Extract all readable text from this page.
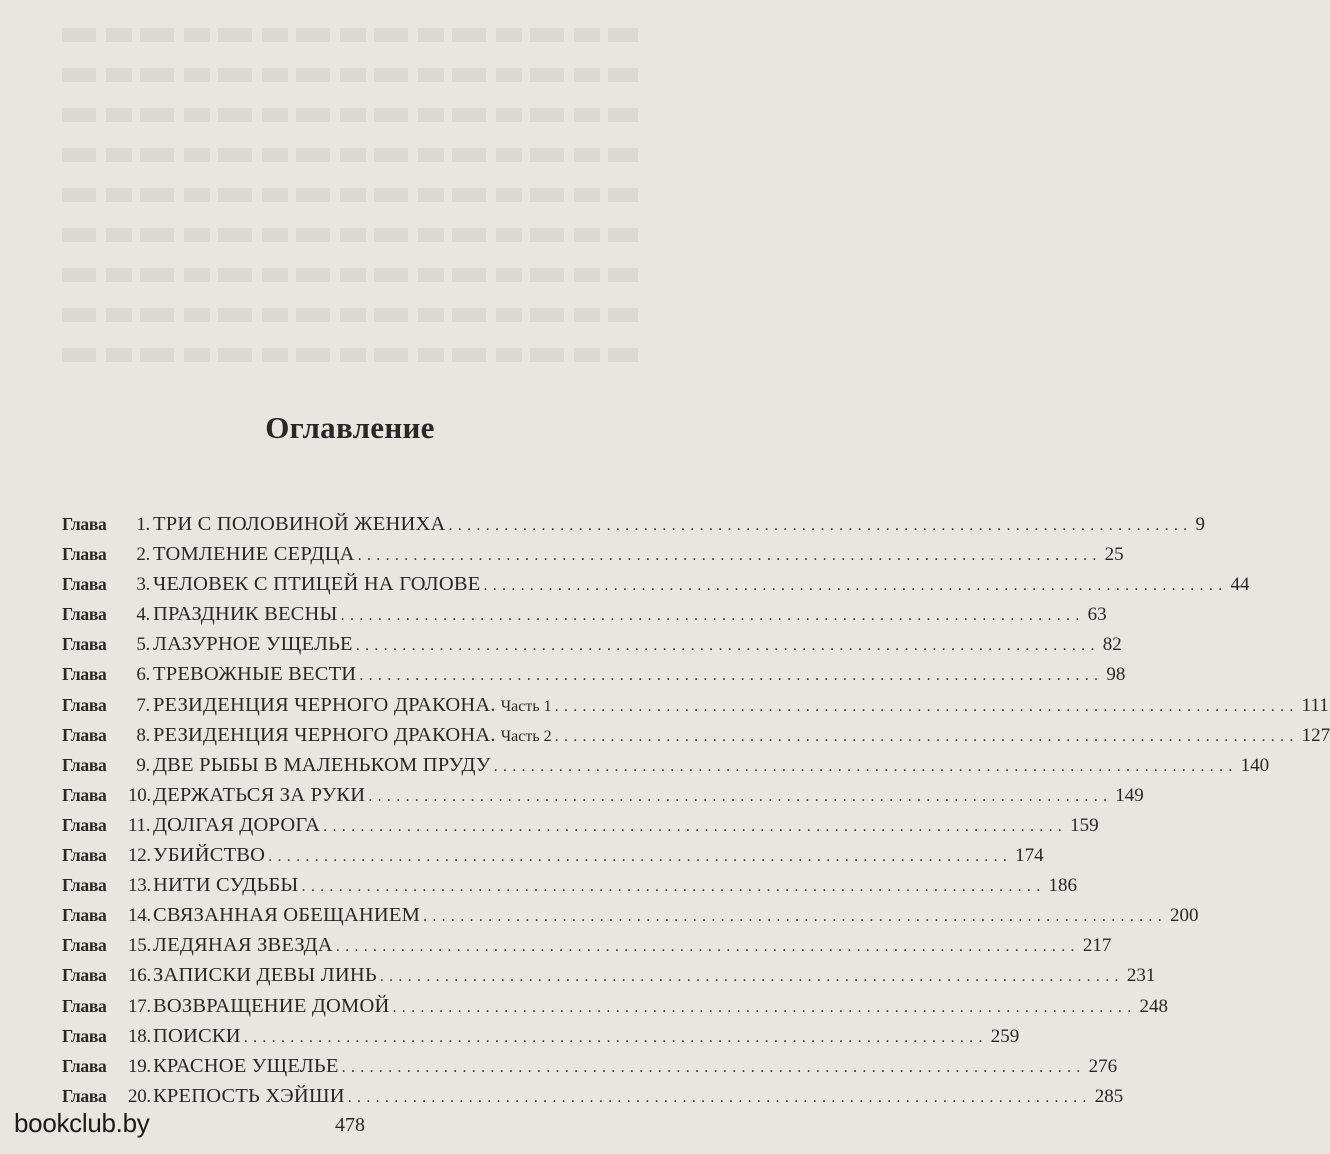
Оглавление
Глава	1 . ТРИ С ПОЛОВИНОЙ ЖЕНИХА ................................................................................ 9
Глава	2 . ТОМЛЕНИЕ СЕРДЦА ................................................................................ 25
Глава	3 . ЧЕЛОВЕК С ПТИЦЕЙ НА ГОЛОВЕ ................................................................................ 44
Глава	4 . ПРАЗДНИК ВЕСНЫ ................................................................................ 63
Глава	5 . ЛАЗУРНОЕ УЩЕЛЬЕ ................................................................................ 82
Глава	6 . ТРЕВОЖНЫЕ ВЕСТИ ................................................................................ 98
Глава	7 . РЕЗИДЕНЦИЯ ЧЕРНОГО ДРАКОНА. Часть 1 ................................................................................ 111
Глава	8 . РЕЗИДЕНЦИЯ ЧЕРНОГО ДРАКОНА. Часть 2 ................................................................................ 127
Глава	9 . ДВЕ РЫБЫ В МАЛЕНЬКОМ ПРУДУ ................................................................................ 140
Глава	10 . ДЕРЖАТЬСЯ ЗА РУКИ ................................................................................ 149
Глава	11 . ДОЛГАЯ ДОРОГА ................................................................................ 159
Глава	12 . УБИЙСТВО ................................................................................ 174
Глава	13 . НИТИ СУДЬБЫ ................................................................................ 186
Глава	14 . СВЯЗАННАЯ ОБЕЩАНИЕМ ................................................................................ 200
Глава	15 . ЛЕДЯНАЯ ЗВЕЗДА ................................................................................ 217
Глава	16 . ЗАПИСКИ ДЕВЫ ЛИНЬ ................................................................................ 231
Глава	17 . ВОЗВРАЩЕНИЕ ДОМОЙ ................................................................................ 248
Глава	18 . ПОИСКИ ................................................................................ 259
Глава	19 . КРАСНОЕ УЩЕЛЬЕ ................................................................................ 276
Глава	20 . КРЕПОСТЬ ХЭЙШИ ................................................................................ 285
478
bookclub.by
